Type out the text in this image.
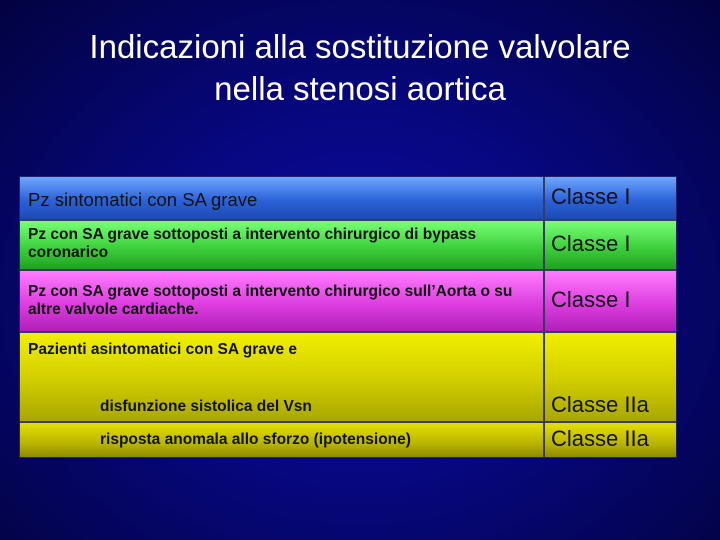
Indicazioni alla sostituzione valvolare
nella stenosi aortica
Pz sintomatici con SA grave	Classe I
Pz con SA grave sottoposti a intervento chirurgico di bypass coronarico	Classe I
Pz con SA grave sottoposti a intervento chirurgico sull’Aorta o su altre valvole cardiache.	Classe I
Pazienti asintomatici con SA grave e
disfunzione sistolica del Vsn	Classe IIa
risposta anomala allo sforzo (ipotensione)	Classe IIa
